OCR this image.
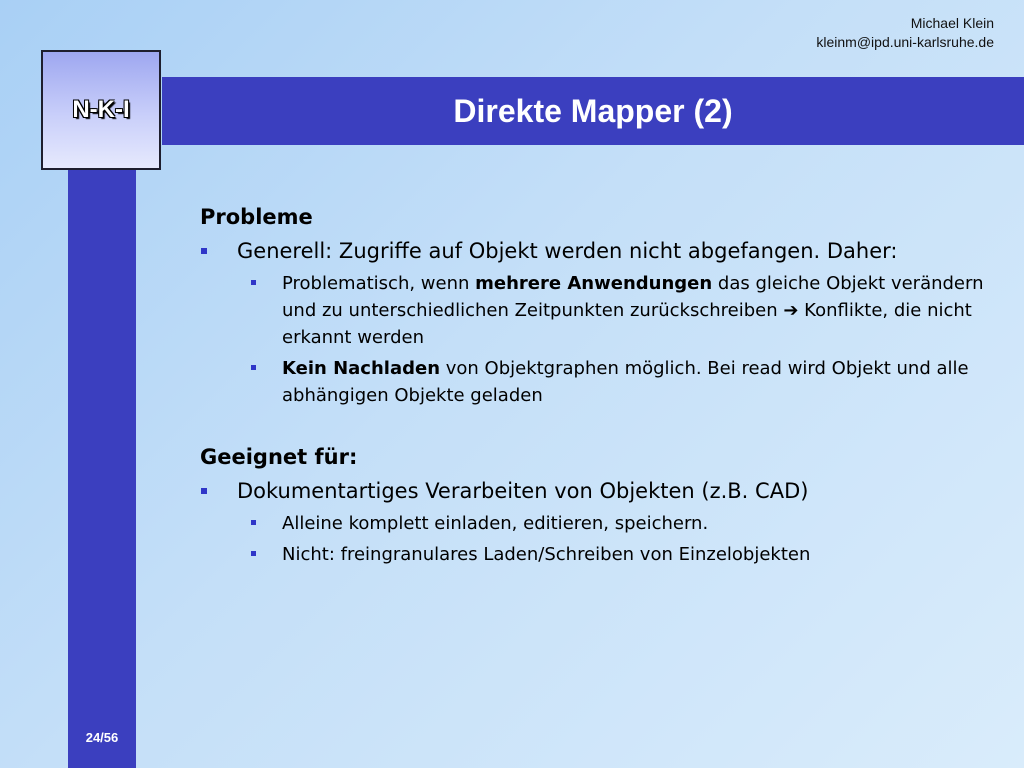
Michael Klein
kleinm@ipd.uni-karlsruhe.de
Direkte Mapper (2)
N-K-I
24/56

Probleme

Generell: Zugriffe auf Objekt werden nicht abgefangen. Daher:
Problematisch, wenn mehrere Anwendungen das gleiche Objekt verändern und zu unterschiedlichen Zeitpunkten zurückschreiben ➔ Konflikte, die nicht erkannt werden
Kein Nachladen von Objektgraphen möglich. Bei read wird Objekt und alle abhängigen Objekte geladen

Geeignet für:

Dokumentartiges Verarbeiten von Objekten (z.B. CAD)
Alleine komplett einladen, editieren, speichern.
Nicht: freingranulares Laden/Schreiben von Einzelobjekten
